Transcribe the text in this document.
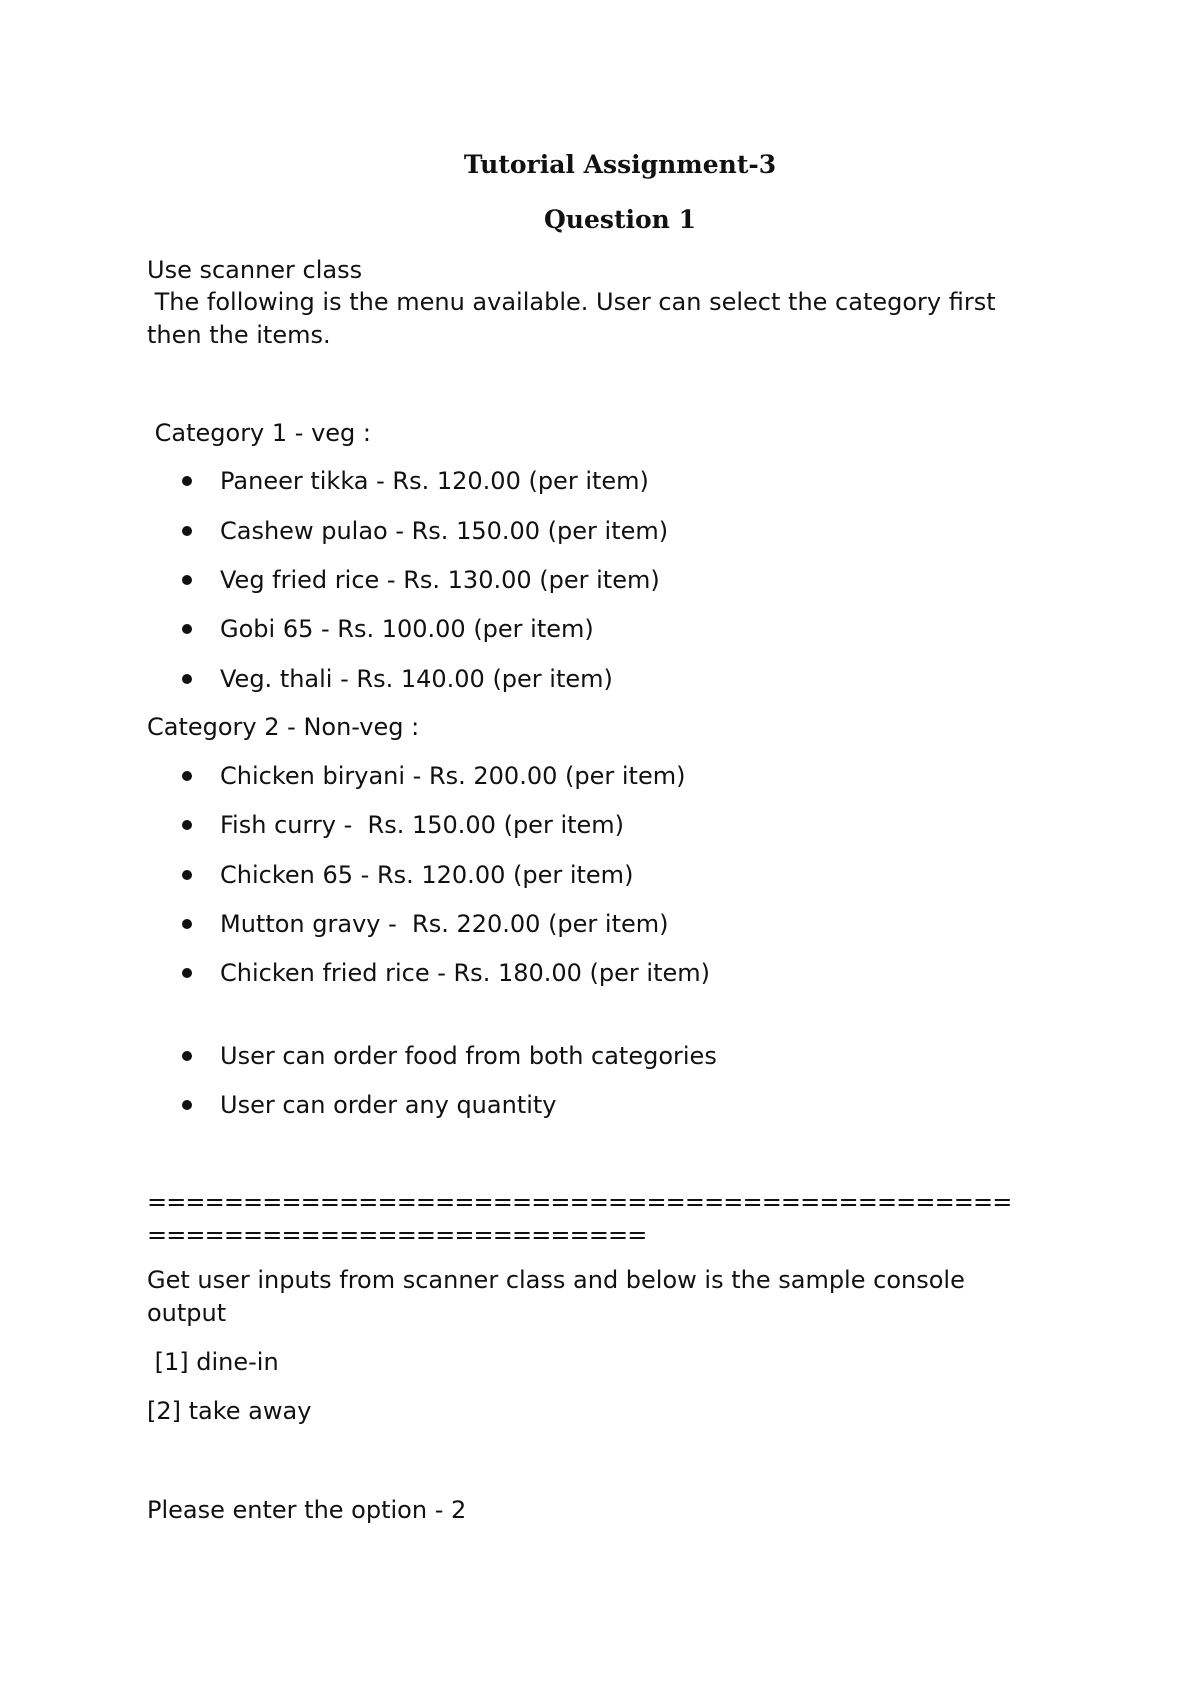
Tutorial Assignment-3
Question 1
Use scanner class
The following is the menu available. User can select the category first
then the items.
Category 1 - veg :
Paneer tikka - Rs. 120.00 (per item)
Cashew pulao - Rs. 150.00 (per item)
Veg fried rice - Rs. 130.00 (per item)
Gobi 65 - Rs. 100.00 (per item)
Veg. thali - Rs. 140.00 (per item)
Category 2 - Non-veg :
Chicken biryani - Rs. 200.00 (per item)
Fish curry -  Rs. 150.00 (per item)
Chicken 65 - Rs. 120.00 (per item)
Mutton gravy -  Rs. 220.00 (per item)
Chicken fried rice - Rs. 180.00 (per item)
User can order food from both categories
User can order any quantity
=============================================
==========================
Get user inputs from scanner class and below is the sample console
output
[1] dine-in
[2] take away
Please enter the option - 2
